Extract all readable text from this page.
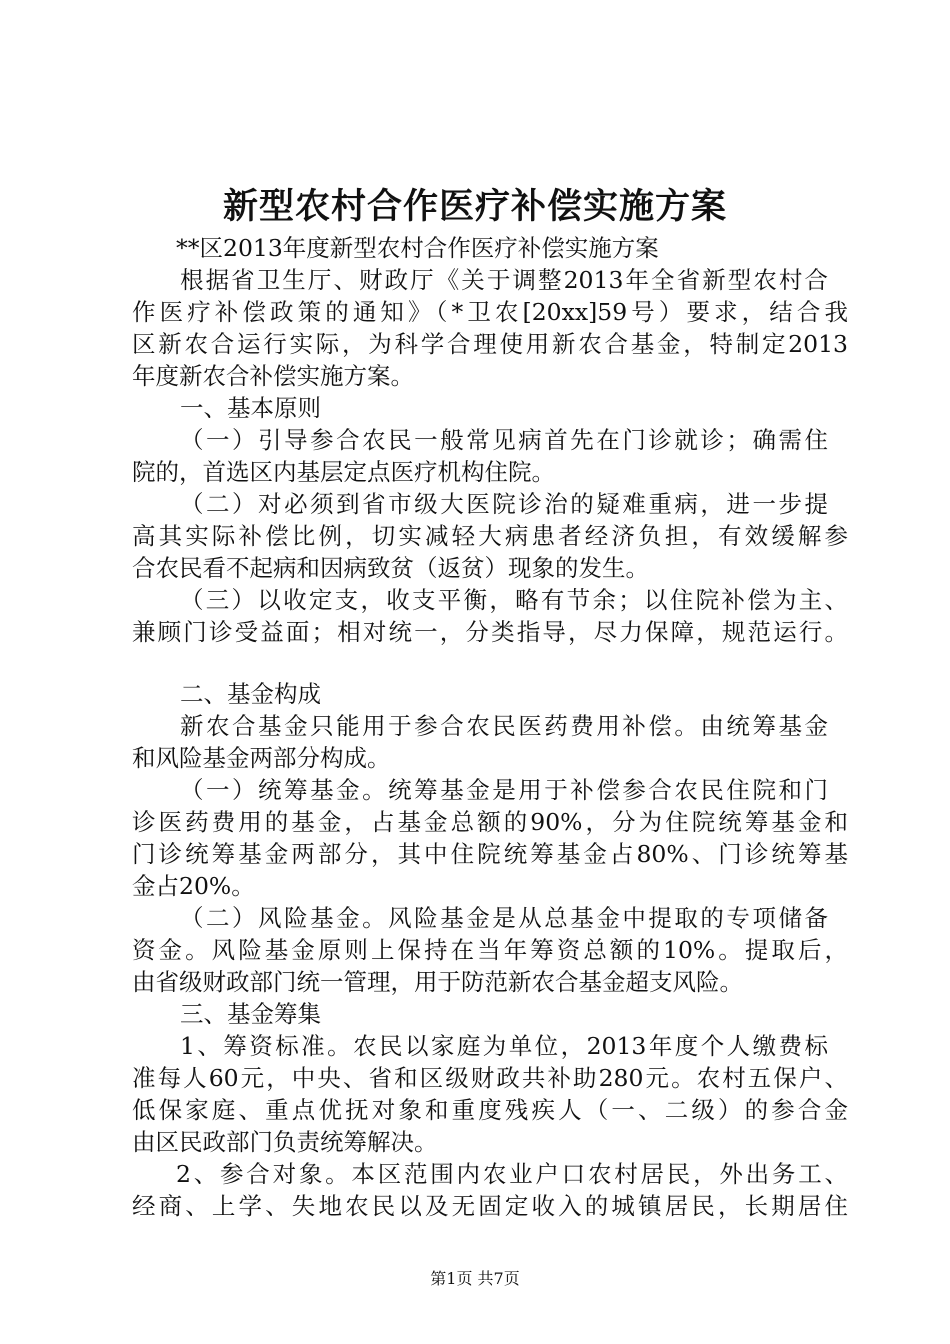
新型农村合作医疗补偿实施方案
**区2013年度新型农村合作医疗补偿实施方案
根据省卫生厅、财政厅《关于调整2013年全省新型农村合
作医疗补偿政策的通知》（*卫农[20xx]59号）要求，结合我
区新农合运行实际，为科学合理使用新农合基金，特制定2013
年度新农合补偿实施方案。
一、基本原则
（一）引导参合农民一般常见病首先在门诊就诊；确需住
院的，首选区内基层定点医疗机构住院。
（二）对必须到省市级大医院诊治的疑难重病，进一步提
高其实际补偿比例，切实减轻大病患者经济负担，有效缓解参
合农民看不起病和因病致贫（返贫）现象的发生。
（三）以收定支，收支平衡，略有节余；以住院补偿为主、
兼顾门诊受益面；相对统一，分类指导，尽力保障，规范运行。
二、基金构成
新农合基金只能用于参合农民医药费用补偿。由统筹基金
和风险基金两部分构成。
（一）统筹基金。统筹基金是用于补偿参合农民住院和门
诊医药费用的基金，占基金总额的90%，分为住院统筹基金和
门诊统筹基金两部分，其中住院统筹基金占80%、门诊统筹基
金占20%。
（二）风险基金。风险基金是从总基金中提取的专项储备
资金。风险基金原则上保持在当年筹资总额的10%。提取后，
由省级财政部门统一管理，用于防范新农合基金超支风险。
三、基金筹集
1、筹资标准。农民以家庭为单位，2013年度个人缴费标
准每人60元，中央、省和区级财政共补助280元。农村五保户、
低保家庭、重点优抚对象和重度残疾人（一、二级）的参合金
由区民政部门负责统筹解决。
2、参合对象。本区范围内农业户口农村居民，外出务工、
经商、上学、失地农民以及无固定收入的城镇居民，长期居住
第1页 共7页
